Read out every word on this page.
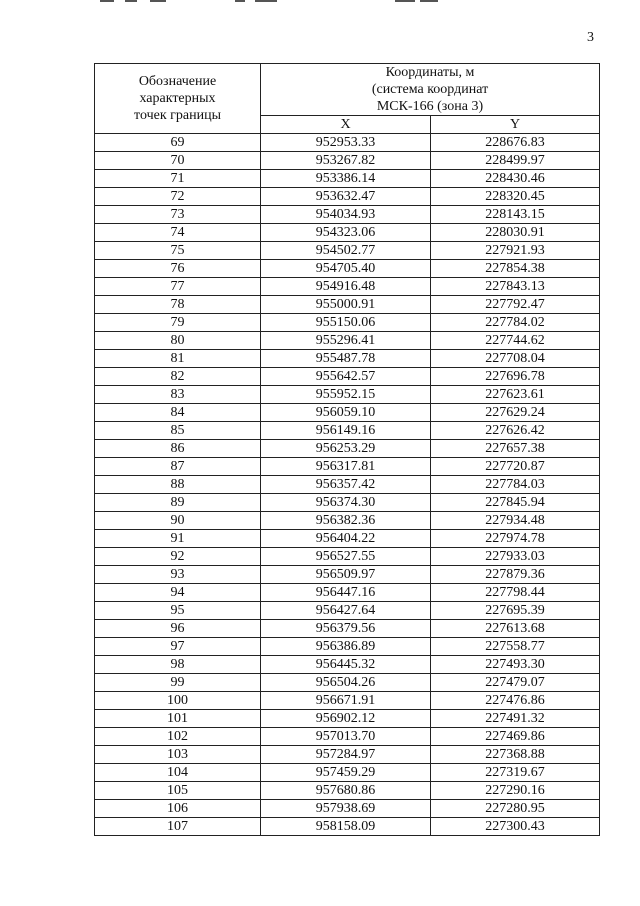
3
Обозначение
характерных
точек границы	Координаты, м
(система координат
МСК-166 (зона 3)	

	X	Y
69	952953.33	228676.83
70	953267.82	228499.97
71	953386.14	228430.46
72	953632.47	228320.45
73	954034.93	228143.15
74	954323.06	228030.91
75	954502.77	227921.93
76	954705.40	227854.38
77	954916.48	227843.13
78	955000.91	227792.47
79	955150.06	227784.02
80	955296.41	227744.62
81	955487.78	227708.04
82	955642.57	227696.78
83	955952.15	227623.61
84	956059.10	227629.24
85	956149.16	227626.42
86	956253.29	227657.38
87	956317.81	227720.87
88	956357.42	227784.03
89	956374.30	227845.94
90	956382.36	227934.48
91	956404.22	227974.78
92	956527.55	227933.03
93	956509.97	227879.36
94	956447.16	227798.44
95	956427.64	227695.39
96	956379.56	227613.68
97	956386.89	227558.77
98	956445.32	227493.30
99	956504.26	227479.07
100	956671.91	227476.86
101	956902.12	227491.32
102	957013.70	227469.86
103	957284.97	227368.88
104	957459.29	227319.67
105	957680.86	227290.16
106	957938.69	227280.95
107	958158.09	227300.43
